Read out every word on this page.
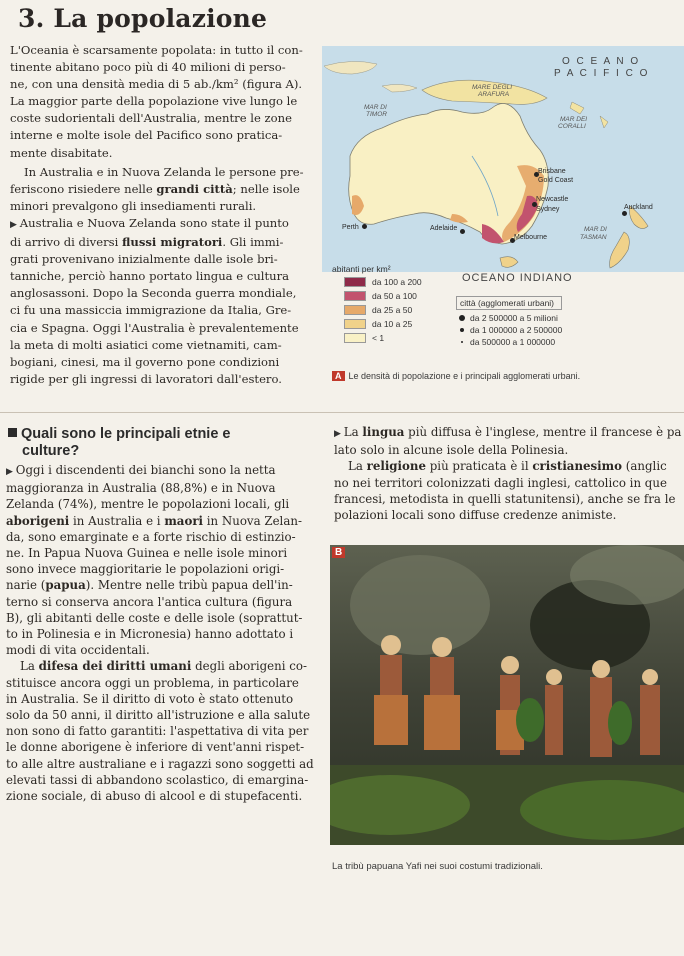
3. La popolazione

L'Oceania è scarsamente popolata: in tutto il con-

tinente abitano poco più di 40 milioni di perso-

ne, con una densità media di 5 ab./km² (figura A).

La maggior parte della popolazione vive lungo le

coste sudorientali dell'Australia, mentre le zone

interne e molte isole del Pacifico sono pratica-

mente disabitate.

In Australia e in Nuova Zelanda le persone pre-

feriscono risiedere nelle grandi città; nelle isole

minori prevalgono gli insediamenti rurali.

▶ Australia e Nuova Zelanda sono state il punto

di arrivo di diversi flussi migratori. Gli immi-

grati provenivano inizialmente dalle isole bri-

tanniche, perciò hanno portato lingua e cultura

anglosassoni. Dopo la Seconda guerra mondiale,

ci fu una massiccia immigrazione da Italia, Gre-

cia e Spagna. Oggi l'Australia è prevalentemente

la meta di molti asiatici come vietnamiti, cam-

bogiani, cinesi, ma il governo pone condizioni

rigide per gli ingressi di lavoratori dall'estero.

O C E A N O
P A C I F I C O
MARE DEGLI
ARAFURA
MAR DI
TIMOR
MAR DEI
CORALLI
MAR DI
TASMAN
Brisbane
Gold Coast
Newcastle
Sydney	Auckland
Perth	Adelaide
Melbourne
abitanti per km²
da 100 a 200
da 50 a 100
da 25 a 50
da 10 a 25
< 1
OCEANO INDIANO
città (agglomerati urbani)
da 2 500000 a 5 milioni
da 1 000000 a 2 500000
da 500000 a 1 000000
A Le densità di popolazione e i principali agglomerati urbani.
Quali sono le principali etnie e
culture?

▶ Oggi i discendenti dei bianchi sono la netta

maggioranza in Australia (88,8%) e in Nuova

Zelanda (74%), mentre le popolazioni locali, gli

aborigeni in Australia e i maori in Nuova Zelan-

da, sono emarginate e a forte rischio di estinzio-

ne. In Papua Nuova Guinea e nelle isole minori

sono invece maggioritarie le popolazioni origi-

narie (papua). Mentre nelle tribù papua dell'in-

terno si conserva ancora l'antica cultura (figura

B), gli abitanti delle coste e delle isole (soprattut-

to in Polinesia e in Micronesia) hanno adottato i

modi di vita occidentali.

La difesa dei diritti umani degli aborigeni co-

stituisce ancora oggi un problema, in particolare

in Australia. Se il diritto di voto è stato ottenuto

solo da 50 anni, il diritto all'istruzione e alla salute

non sono di fatto garantiti: l'aspettativa di vita per

le donne aborigene è inferiore di vent'anni rispet-

to alle altre australiane e i ragazzi sono soggetti ad

elevati tassi di abbandono scolastico, di emargina-

zione sociale, di abuso di alcool e di stupefacenti.

▶ La lingua più diffusa è l'inglese, mentre il francese è pa

lato solo in alcune isole della Polinesia.

La religione più praticata è il cristianesimo (anglic

no nei territori colonizzati dagli inglesi, cattolico in que

francesi, metodista in quelli statunitensi), anche se fra le

polazioni locali sono diffuse credenze animiste.

B
La tribù papuana Yafi nei suoi costumi tradizionali.
